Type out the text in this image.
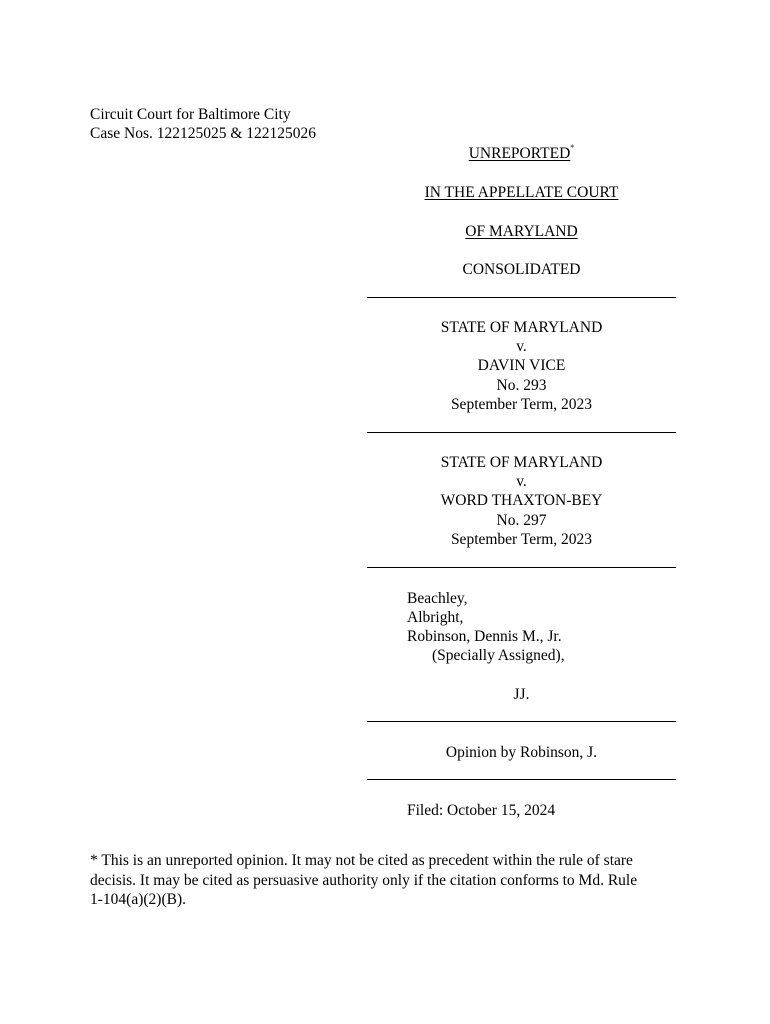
Circuit Court for Baltimore City
Case Nos. 122125025 & 122125026
UNREPORTED*
IN THE APPELLATE COURT
OF MARYLAND
CONSOLIDATED
STATE OF MARYLAND
v.
DAVIN VICE
No. 293
September Term, 2023
STATE OF MARYLAND
v.
WORD THAXTON-BEY
No. 297
September Term, 2023
Beachley,
Albright,
Robinson, Dennis M., Jr.
(Specially Assigned),
JJ.
Opinion by Robinson, J.
Filed: October 15, 2024
* This is an unreported opinion. It may not be cited as precedent within the rule of stare
decisis. It may be cited as persuasive authority only if the citation conforms to Md. Rule
1-104(a)(2)(B).
